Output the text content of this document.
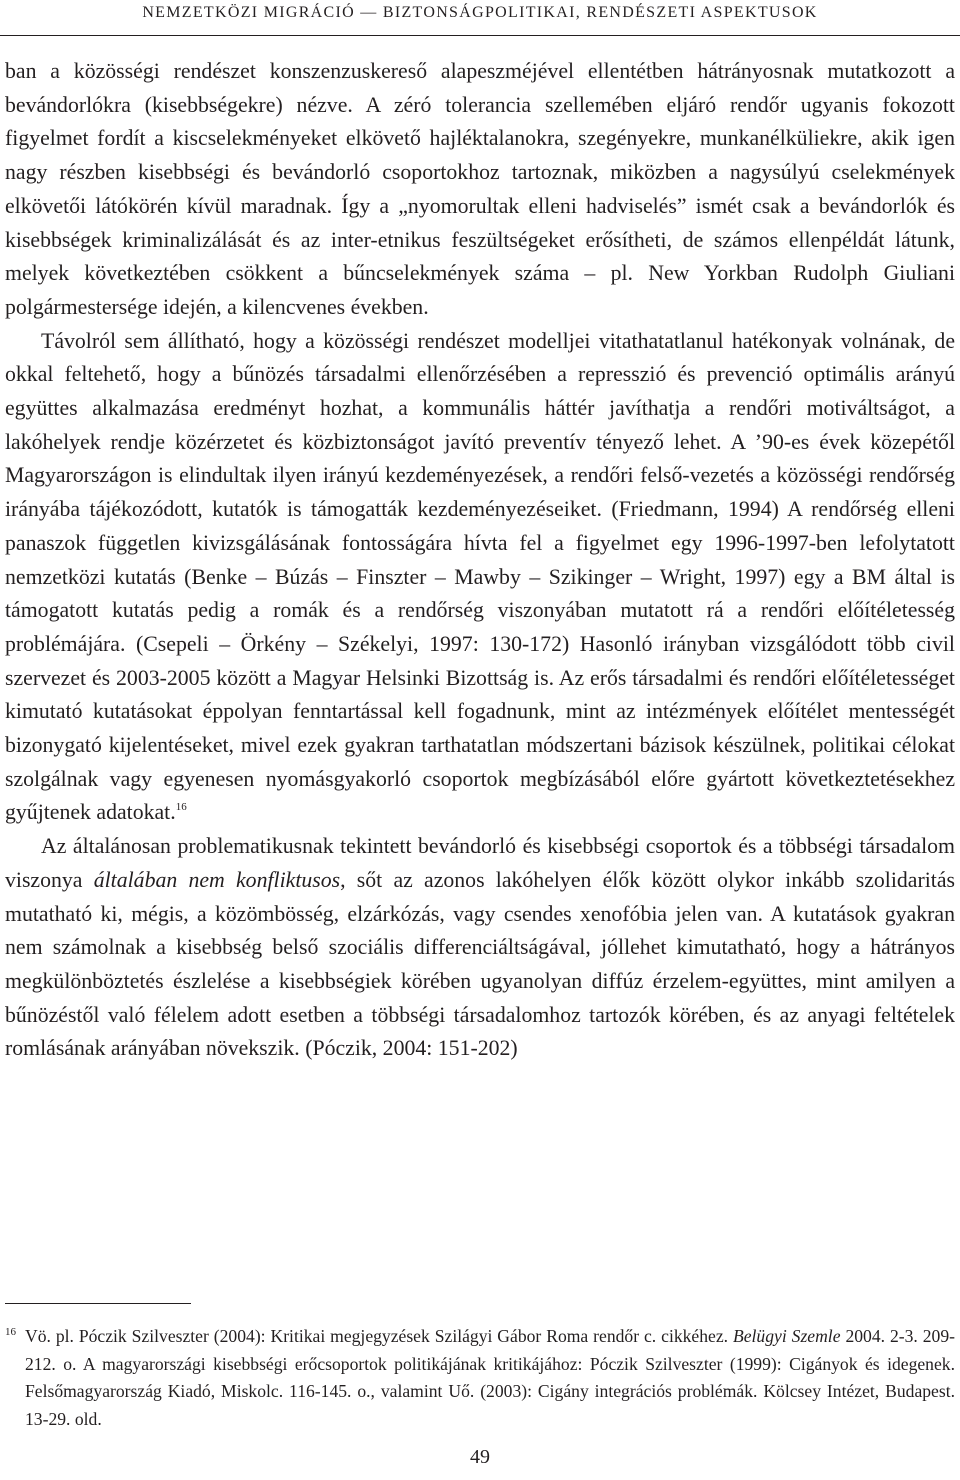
NEMZETKÖZI MIGRÁCIÓ — BIZTONSÁGPOLITIKAI, RENDÉSZETI ASPEKTUSOK

ban a közösségi rendészet konszenzuskereső alapeszméjével ellentétben hátrányosnak mutatkozott a bevándorlókra (kisebbségekre) nézve. A zéró tolerancia szellemében eljáró rendőr ugyanis fokozott figyelmet fordít a kiscselekményeket elkövető hajléktalanokra, szegényekre, munkanélküliekre, akik igen nagy részben kisebbségi és bevándorló csoportokhoz tartoznak, miközben a nagysúlyú cselekmények elkövetői látókörén kívül maradnak. Így a „nyomorultak elleni hadviselés” ismét csak a bevándorlók és kisebbségek kriminalizálását és az inter-etnikus feszültségeket erősítheti, de számos ellenpéldát látunk, melyek következtében csökkent a bűncselekmények száma – pl. New Yorkban Rudolph Giuliani polgármestersége idején, a kilencvenes években.

Távolról sem állítható, hogy a közösségi rendészet modelljei vitathatatlanul hatékonyak volnának, de okkal feltehető, hogy a bűnözés társadalmi ellenőrzésében a represszió és prevenció optimális arányú együttes alkalmazása eredményt hozhat, a kommunális háttér javíthatja a rendőri motiváltságot, a lakóhelyek rendje közérzetet és közbiztonságot javító preventív tényező lehet. A ’90-es évek közepétől Magyarországon is elindultak ilyen irányú kezdeményezések, a rendőri felső-vezetés a közösségi rendőrség irányába tájékozódott, kutatók is támogatták kezdeményezéseiket. (Friedmann, 1994) A rendőrség elleni panaszok független kivizsgálásának fontosságára hívta fel a figyelmet egy 1996-1997-ben lefolytatott nemzetközi kutatás (Benke – Búzás – Finszter – Mawby – Szikinger – Wright, 1997) egy a BM által is támogatott kutatás pedig a romák és a rendőrség viszonyában mutatott rá a rendőri előítéletesség problémájára. (Csepeli – Örkény – Székelyi, 1997: 130-172) Hasonló irányban vizsgálódott több civil szervezet és 2003-2005 között a Magyar Helsinki Bizottság is. Az erős társadalmi és rendőri előítéletességet kimutató kutatásokat éppolyan fenntartással kell fogadnunk, mint az intézmények előítélet mentességét bizonygató kijelentéseket, mivel ezek gyakran tarthatatlan módszertani bázisok készülnek, politikai célokat szolgálnak vagy egyenesen nyomásgyakorló csoportok megbízásából előre gyártott következtetésekhez gyűjtenek adatokat.$^{16}$

Az általánosan problematikusnak tekintett bevándorló és kisebbségi csoportok és a többségi társadalom viszonya általában nem konfliktusos, sőt az azonos lakóhelyen élők között olykor inkább szolidaritás mutatható ki, mégis, a közömbösség, elzárkózás, vagy csendes xenofóbia jelen van. A kutatások gyakran nem számolnak a kisebbség belső szociális differenciáltságával, jóllehet kimutatható, hogy a hátrányos megkülönböztetés észlelése a kisebbségiek körében ugyanolyan diffúz érzelem-együttes, mint amilyen a bűnözéstől való félelem adott esetben a többségi társadalomhoz tartozók körében, és az anyagi feltételek romlásának arányában növekszik. (Póczik, 2004: 151-202)

16 Vö. pl. Póczik Szilveszter (2004): Kritikai megjegyzések Szilágyi Gábor Roma rendőr c. cikkéhez. Belügyi Szemle 2004. 2-3. 209-212. o. A magyarországi kisebbségi erőcsoportok politikájának kritikájához: Póczik Szilveszter (1999): Cigányok és idegenek. Felsőmagyarország Kiadó, Miskolc. 116-145. o., valamint Uő. (2003): Cigány integrációs problémák. Kölcsey Intézet, Budapest. 13-29. old.
49
